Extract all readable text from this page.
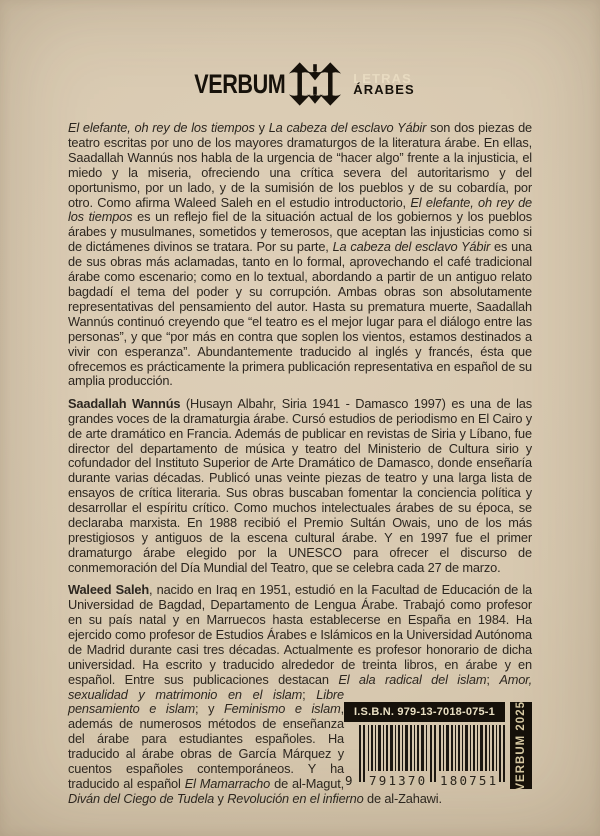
VERBUM	LETRAS
ÁRABES

El elefante, oh rey de los tiempos y La cabeza del esclavo Yábir son dos piezas de teatro escritas por uno de los mayores dramaturgos de la literatura árabe. En ellas, Saadallah Wannús nos habla de la urgencia de “hacer algo” frente a la injusticia, el miedo y la miseria, ofreciendo una crítica severa del autoritarismo y del oportunismo, por un lado, y de la sumisión de los pueblos y de su cobardía, por otro. Como afirma Waleed Saleh en el estudio introductorio, El elefante, oh rey de los tiempos es un reflejo fiel de la situación actual de los gobiernos y los pueblos árabes y musulmanes, sometidos y temerosos, que aceptan las injusticias como si de dictámenes divinos se tratara. Por su parte, La cabeza del esclavo Yábir es una de sus obras más aclamadas, tanto en lo formal, aprovechando el café tradicional árabe como escenario; como en lo textual, abordando a partir de un antiguo relato bagdadí el tema del poder y su corrupción. Ambas obras son absolutamente representativas del pensamiento del autor. Hasta su prematura muerte, Saadallah Wannús continuó creyendo que “el teatro es el mejor lugar para el diálogo entre las personas”, y que “por más en contra que soplen los vientos, estamos destinados a vivir con esperanza”. Abundantemente traducido al inglés y francés, ésta que ofrecemos es prácticamente la primera publicación representativa en español de su amplia producción.

Saadallah Wannús (Husayn Albahr, Siria 1941 - Damasco 1997) es una de las grandes voces de la dramaturgia árabe. Cursó estudios de periodismo en El Cairo y de arte dramático en Francia. Además de publicar en revistas de Siria y Líbano, fue director del departamento de música y teatro del Ministerio de Cultura sirio y cofundador del Instituto Superior de Arte Dramático de Damasco, donde enseñaría durante varias décadas. Publicó unas veinte piezas de teatro y una larga lista de ensayos de crítica literaria. Sus obras buscaban fomentar la conciencia política y desarrollar el espíritu crítico. Como muchos intelectuales árabes de su época, se declaraba marxista. En 1988 recibió el Premio Sultán Owais, uno de los más prestigiosos y antiguos de la escena cultural árabe. Y en 1997 fue el primer dramaturgo árabe elegido por la UNESCO para ofrecer el discurso de conmemoración del Día Mundial del Teatro, que se celebra cada 27 de marzo.

I.S.B.N. 979-13-7018-075-1
9 791370 180751 VERBUM 2025
Waleed Saleh, nacido en Iraq en 1951, estudió en la Facultad de Educación de la Universidad de Bagdad, Departamento de Lengua Árabe. Trabajó como profesor en su país natal y en Marruecos hasta establecerse en España en 1984. Ha ejercido como profesor de Estudios Árabes e Islámicos en la Universidad Autónoma de Madrid durante casi tres décadas. Actualmente es profesor honorario de dicha universidad. Ha escrito y traducido alrededor de treinta libros, en árabe y en español. Entre sus publicaciones destacan El ala radical del islam; Amor, sexualidad y matrimonio en el islam; Libre pensamiento e islam; y Feminismo e islam, además de numerosos métodos de enseñanza del árabe para estudiantes españoles. Ha traducido al árabe obras de García Márquez y cuentos españoles contemporáneos. Y ha traducido al español El Mamarracho de al-Magut, Diván del Ciego de Tudela y Revolución en el infierno de al-Zahawi.
